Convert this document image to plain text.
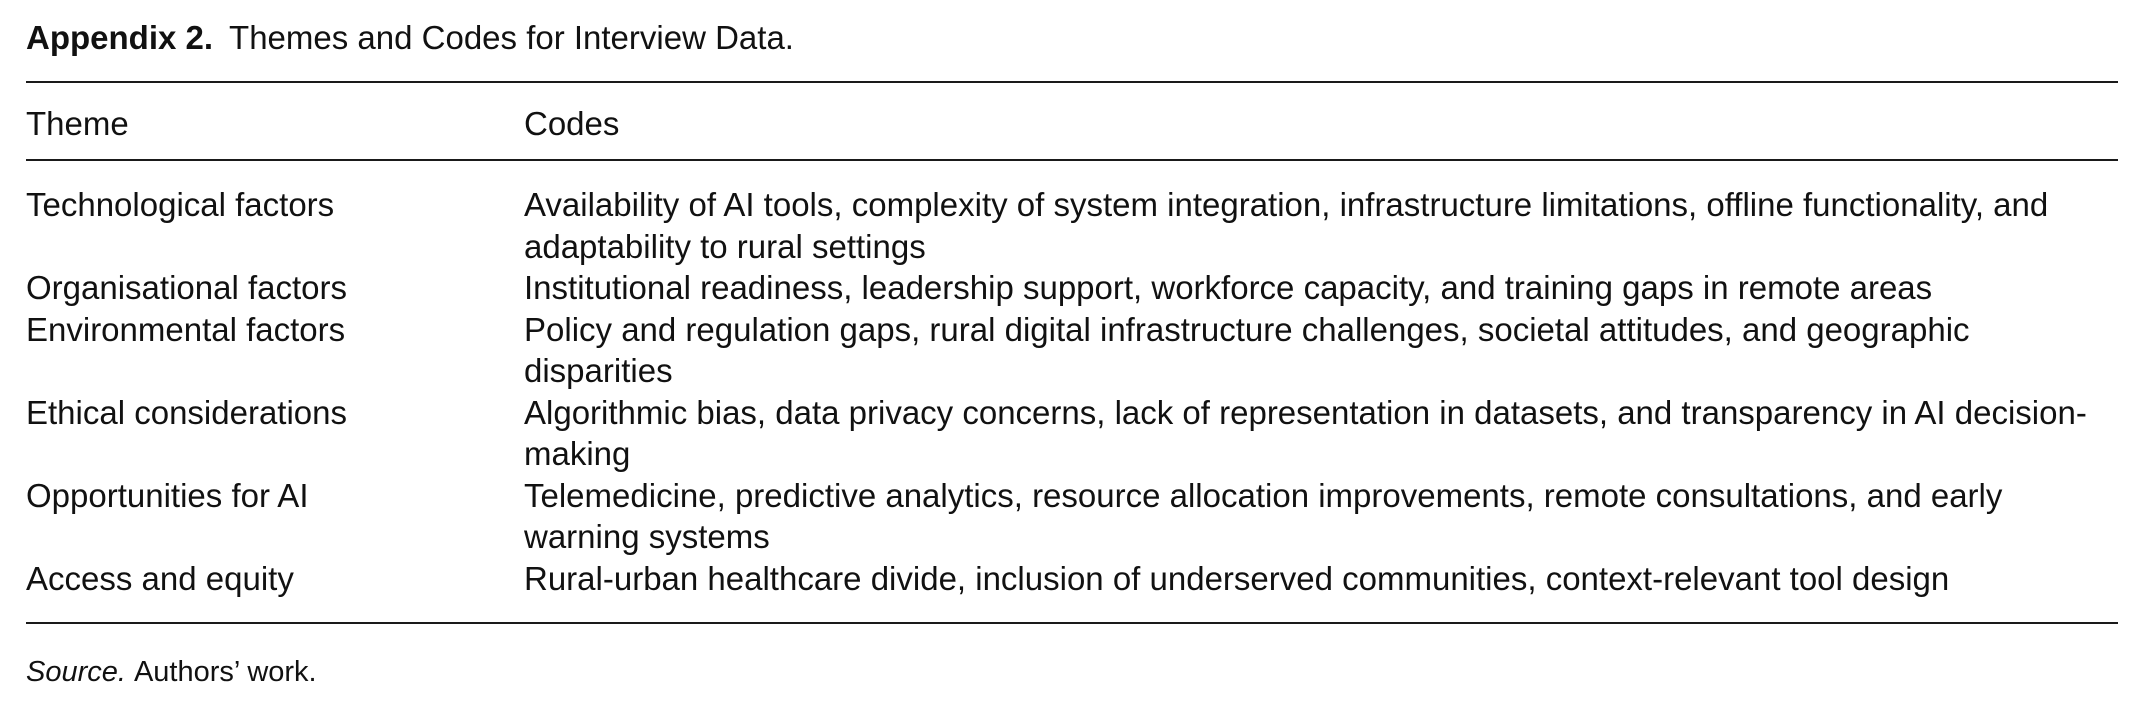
Appendix 2. Themes and Codes for Interview Data.
Theme	Codes
Technological factors	Availability of AI tools, complexity of system integration, infrastructure limitations, offline functionality, and adaptability to rural settings
Organisational factors	Institutional readiness, leadership support, workforce capacity, and training gaps in remote areas
Environmental factors	Policy and regulation gaps, rural digital infrastructure challenges, societal attitudes, and geographic disparities
Ethical considerations	Algorithmic bias, data privacy concerns, lack of representation in datasets, and transparency in AI decision-making
Opportunities for AI	Telemedicine, predictive analytics, resource allocation improvements, remote consultations, and early warning systems
Access and equity	Rural-urban healthcare divide, inclusion of underserved communities, context-relevant tool design
Source. Authors’ work.
